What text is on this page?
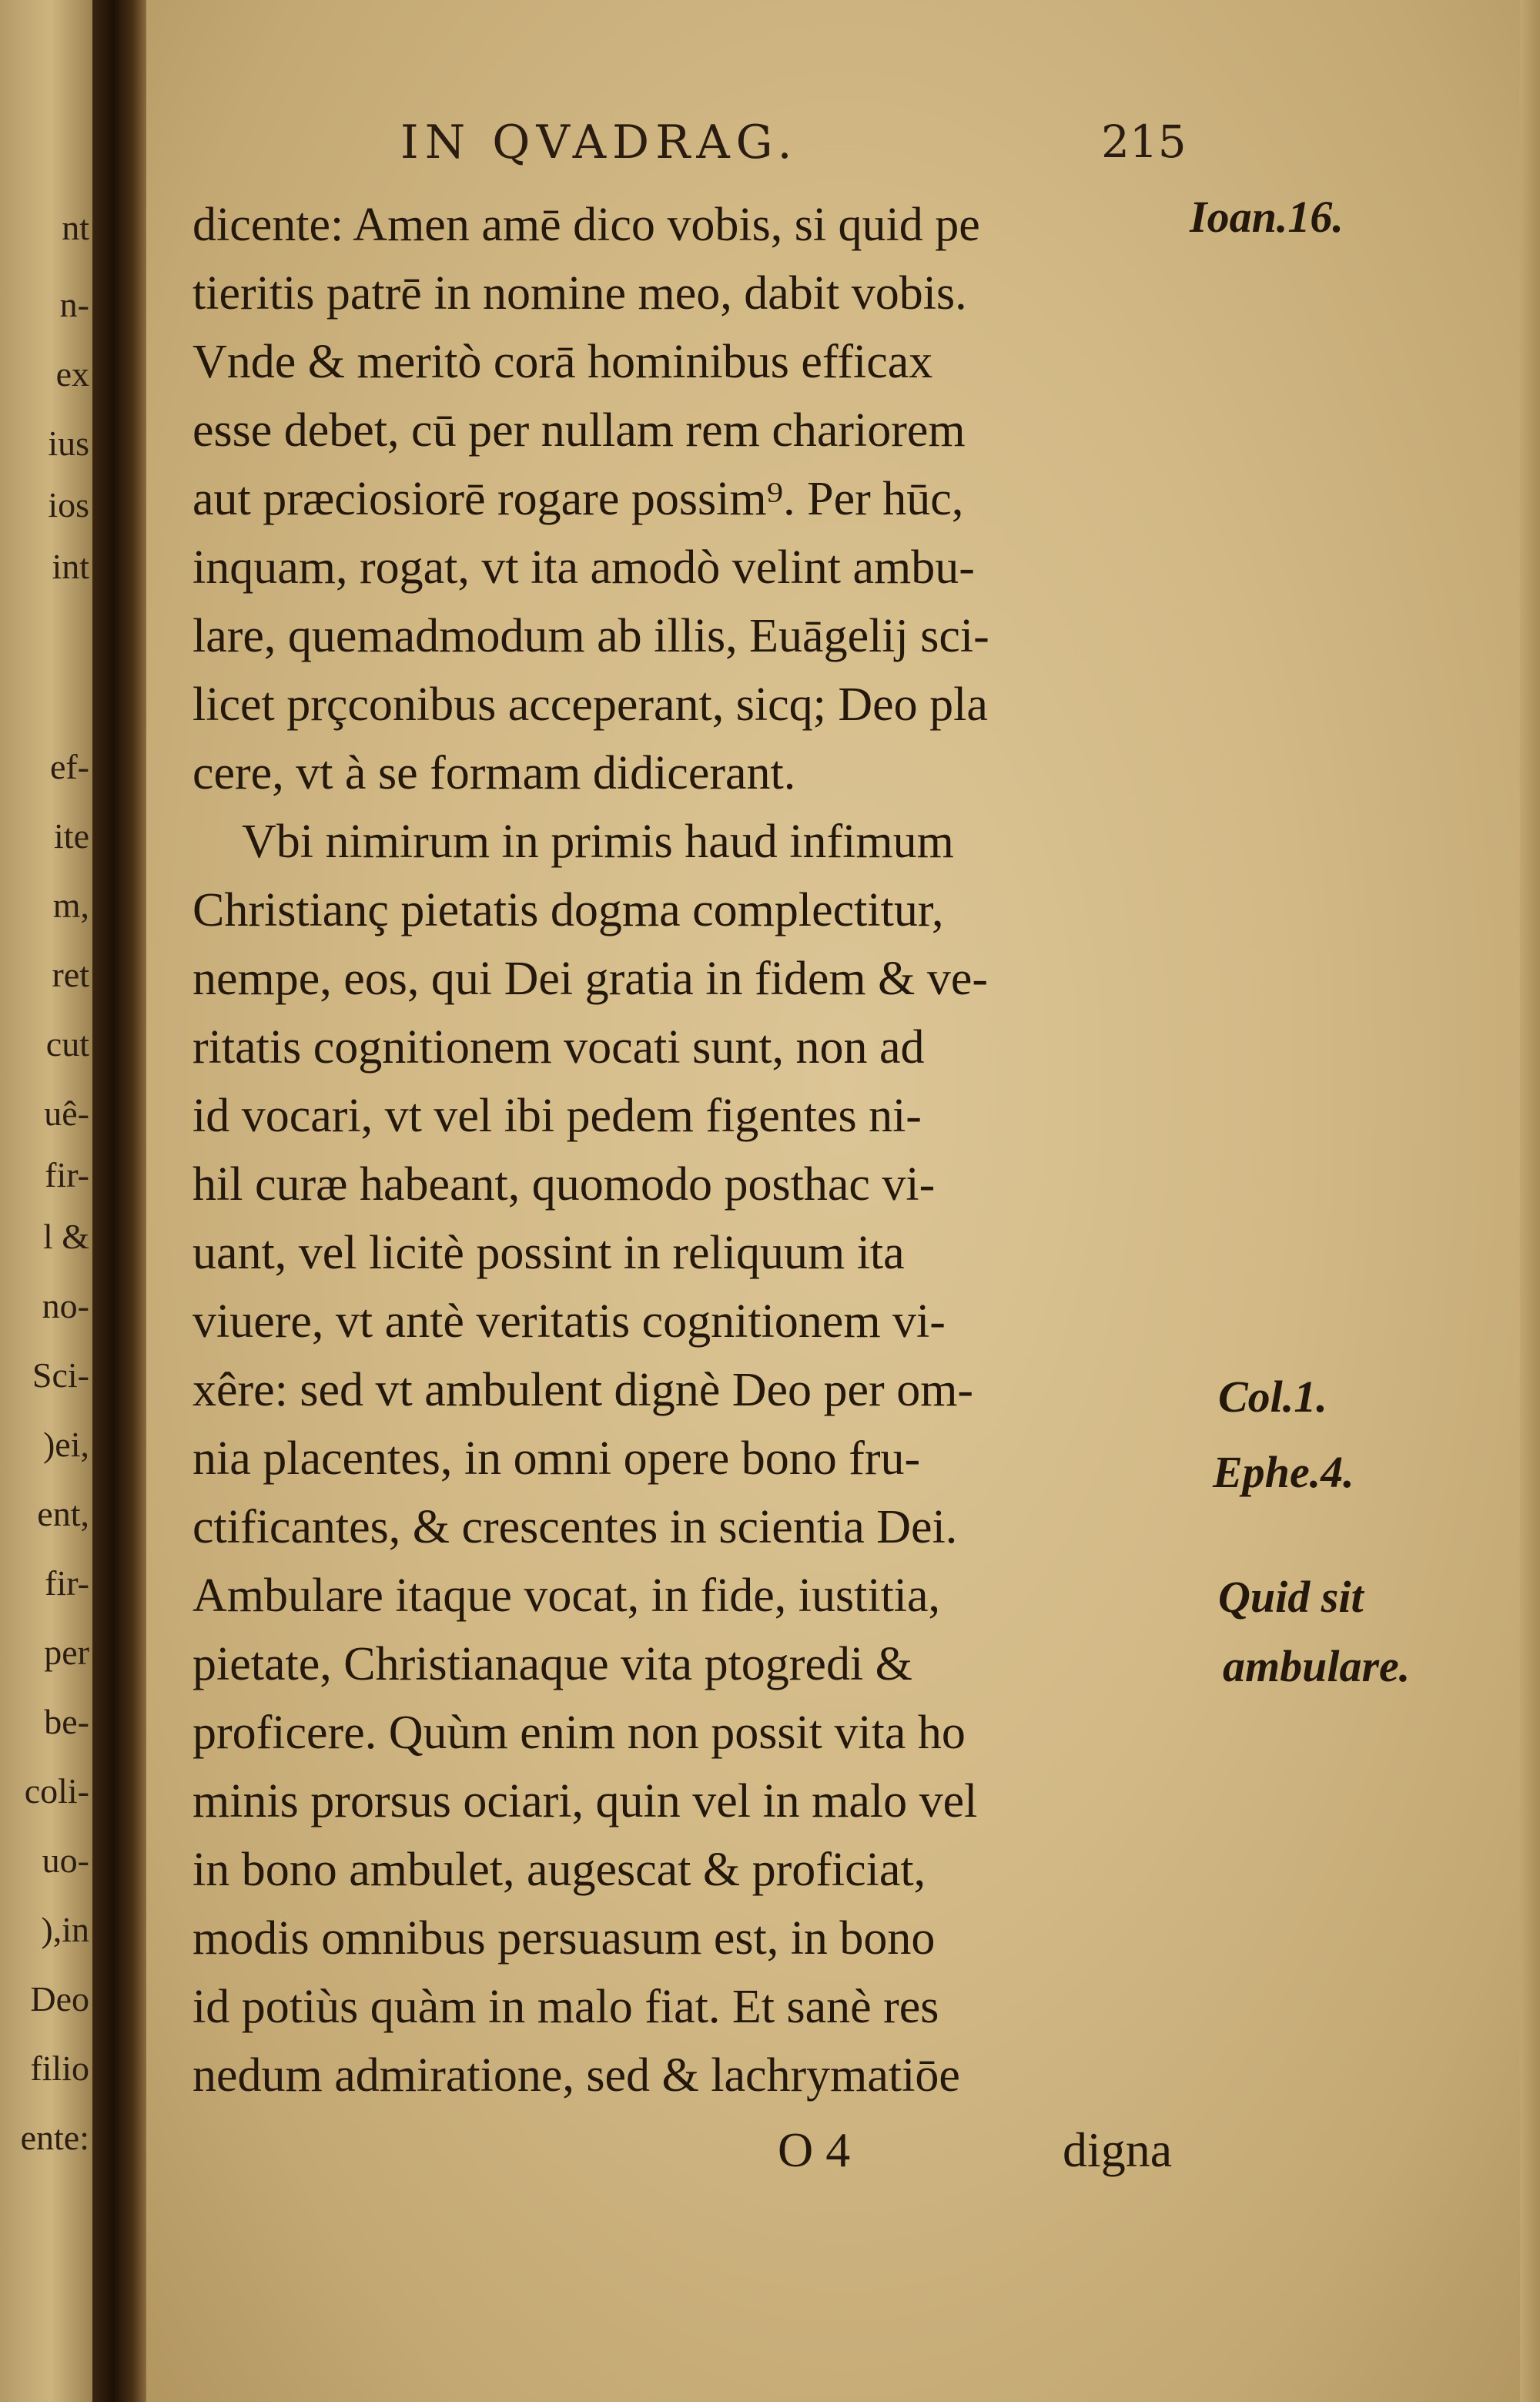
nt
n-
ex
ius
ios
int
ef-
ite
m,
ret
cut
uê-
fir-
l &
no-
Sci-
)ei,
ent,
fir-
per
be-
coli-
uo-
),in
Deo
filio
ente:
IN QVADRAG.	215
dicente: Amen amē dico vobis, si quid pe
tieritis patrē in nomine meo, dabit vobis.
Vnde & meritò corā hominibus efficax
esse debet, cū per nullam rem chariorem
aut præciosiorē rogare possim⁹. Per hūc,
inquam, rogat, vt ita amodò velint ambu-
lare, quemadmodum ab illis, Euāgelij sci-
licet prçconibus acceperant, sicq; Deo pla
cere, vt à se formam didicerant.
Vbi nimirum in primis haud infimum
Christianç pietatis dogma complectitur,
nempe, eos, qui Dei gratia in fidem & ve-
ritatis cognitionem vocati sunt, non ad
id vocari, vt vel ibi pedem figentes ni-
hil curæ habeant, quomodo posthac vi-
uant, vel licitè possint in reliquum ita
viuere, vt antè veritatis cognitionem vi-
xêre: sed vt ambulent dignè Deo per om-
nia placentes, in omni opere bono fru-
ctificantes, & crescentes in scientia Dei.
Ambulare itaque vocat, in fide, iustitia,
pietate, Christianaque vita ptogredi &
proficere. Quùm enim non possit vita ho
minis prorsus ociari, quin vel in malo vel
in bono ambulet, augescat & proficiat,
modis omnibus persuasum est, in bono
id potiùs quàm in malo fiat. Et sanè res
nedum admiratione, sed & lachrymatiōe
Ioan.16.
Col.1.
Ephe.4.
Quid sit
ambulare.
O 4	digna
